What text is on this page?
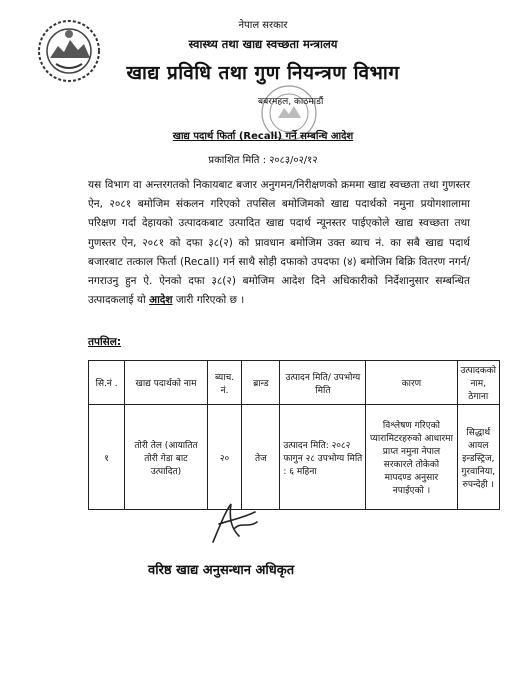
नेपाल सरकार
स्वास्थ्य तथा खाद्य स्वच्छता मन्त्रालय
खाद्य प्रविधि तथा गुण नियन्त्रण विभाग
बबरमहल, काठमाडौं
खाद्य पदार्थ फिर्ता (Recall) गर्ने सम्बन्धि आदेश
प्रकाशित मिति : २०८३/०२/१२
यस विभाग वा अन्तरगतको निकायबाट बजार अनुगमन/निरीक्षणको क्रममा खाद्य स्वच्छता तथा गुणस्तर ऐन, २०८१ बमोजिम संकलन गरिएको तपसिल बमोजिमको खाद्य पदार्थको नमुना प्रयोगशालामा परिक्षण गर्दा देहायको उत्पादकबाट उत्पादित खाद्य पदार्थ न्यूनस्तर पाईएकोले खाद्य स्वच्छता तथा गुणस्तर ऐन, २०८१ को दफा ३८(२) को प्रावधान बमोजिम उक्त ब्याच नं. का सबै खाद्य पदार्थ बजारबाट तत्काल फिर्ता (Recall) गर्न साथै सोही दफाको उपदफा (४) बमोजिम बिक्रि वितरण नगर्न/नगराउनु हुन ऐ. ऐनको दफा ३८(२) बमोजिम आदेश दिने अधिकारीको निर्देशानुसार सम्बन्धित उत्पादकलाई यो आदेश जारी गरिएको छ ।
तपसिल:
सि.नं .	खाद्य पदार्थको नाम	ब्याच. नं.	ब्रान्ड	उत्पादन मिति/ उपभोग्य मिति	कारण	उत्पादकको नाम, ठेगाना
१	तोरी तेल (आयातित तोरी गेडा बाट उत्पादित)	२०	तेज	उत्पादन मिति: २०८२ फागुन २८ उपभोग्य मिति : ६ महिना	विश्लेषण गरिएको प्यारामिटरहरुको आधारमा प्राप्त नमुना नेपाल सरकारले तोकेको मापदण्ड अनुसार नपाईएको ।	सिद्धार्थ आयल इन्डस्ट्रिज, गुरवानिया, रुपन्देही ।
वरिष्ठ खाद्य अनुसन्धान अधिकृत
